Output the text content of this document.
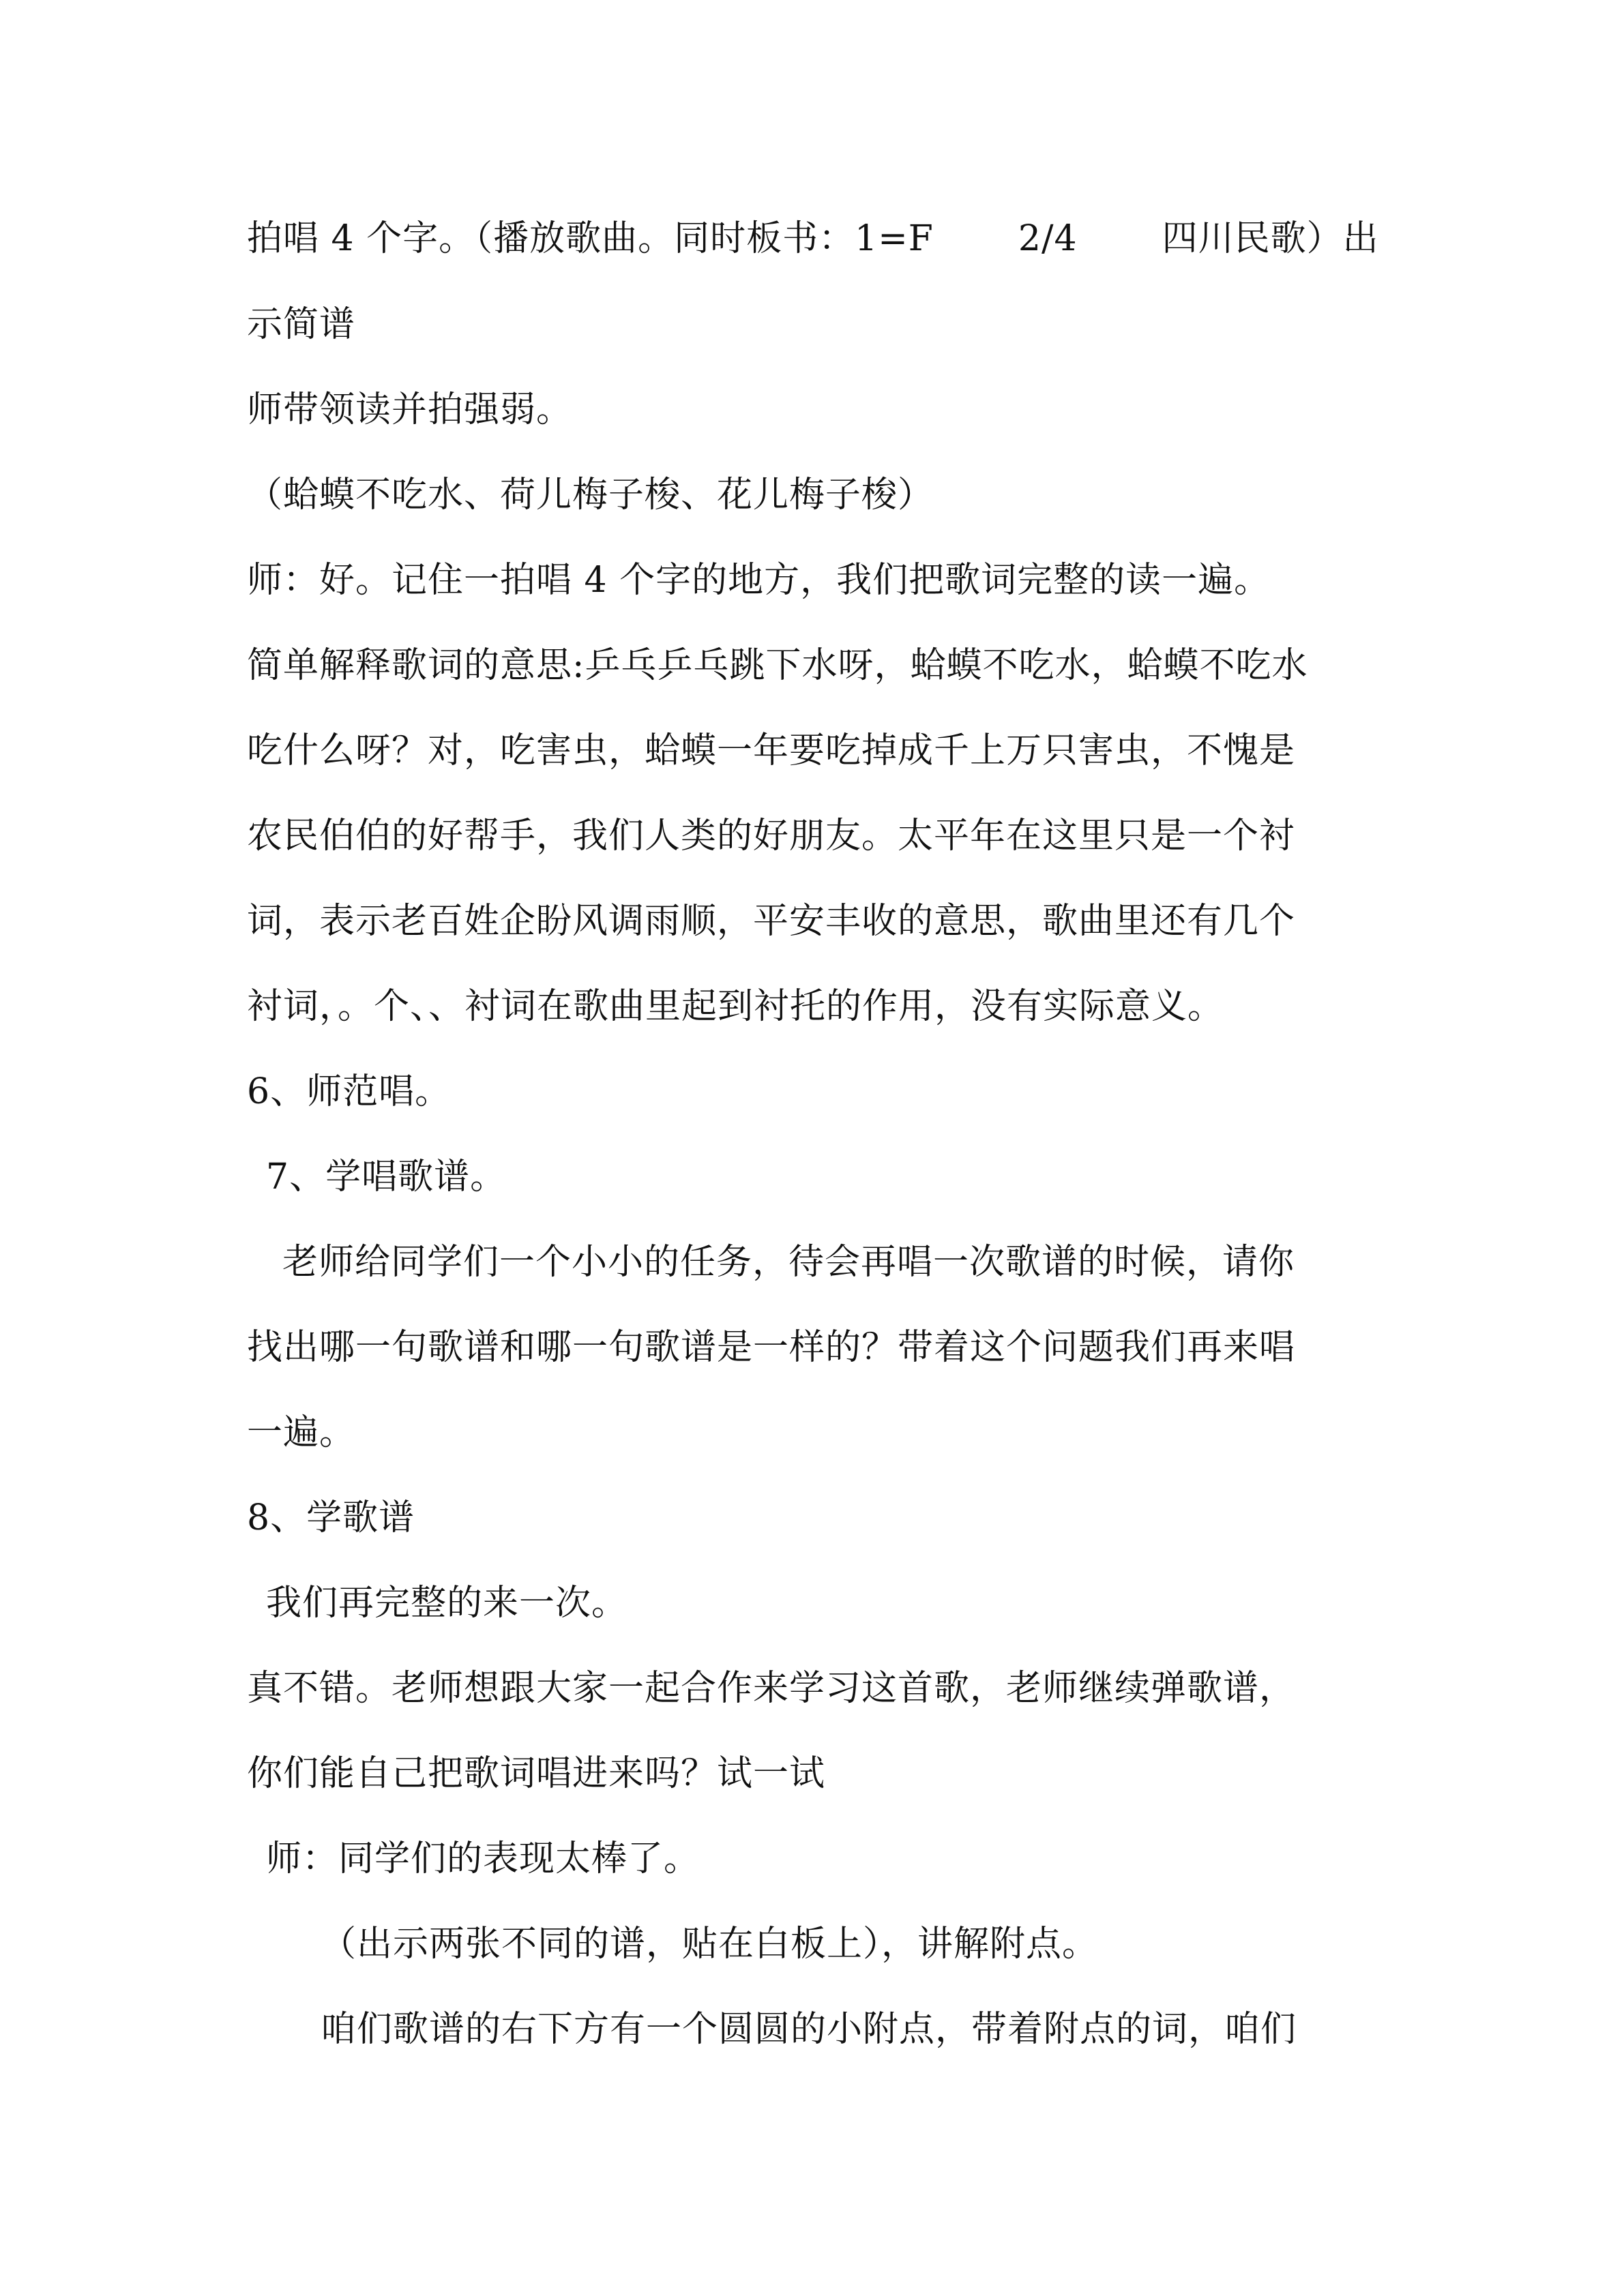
拍唱 4 个字。（播放歌曲。同时板书：1=F 2/4 四川民歌）出
示简谱
师带领读并拍强弱。
（蛤蟆不吃水、荷儿梅子梭、花儿梅子梭）
师：好。记住一拍唱 4 个字的地方，我们把歌词完整的读一遍。
简单解释歌词的意思:乒乓乒乓跳下水呀，蛤蟆不吃水，蛤蟆不吃水
吃什么呀？对，吃害虫，蛤蟆一年要吃掉成千上万只害虫，不愧是
农民伯伯的好帮手，我们人类的好朋友。太平年在这里只是一个衬
词，表示老百姓企盼风调雨顺，平安丰收的意思，歌曲里还有几个
衬词，。个、、衬词在歌曲里起到衬托的作用，没有实际意义。
6、师范唱。
7、学唱歌谱。
老师给同学们一个小小的任务，待会再唱一次歌谱的时候，请你
找出哪一句歌谱和哪一句歌谱是一样的？带着这个问题我们再来唱
一遍。
8、学歌谱
我们再完整的来一次。
真不错。老师想跟大家一起合作来学习这首歌，老师继续弹歌谱，
你们能自己把歌词唱进来吗？试一试
师：同学们的表现太棒了。
（出示两张不同的谱，贴在白板上），讲解附点。
咱们歌谱的右下方有一个圆圆的小附点，带着附点的词，咱们
